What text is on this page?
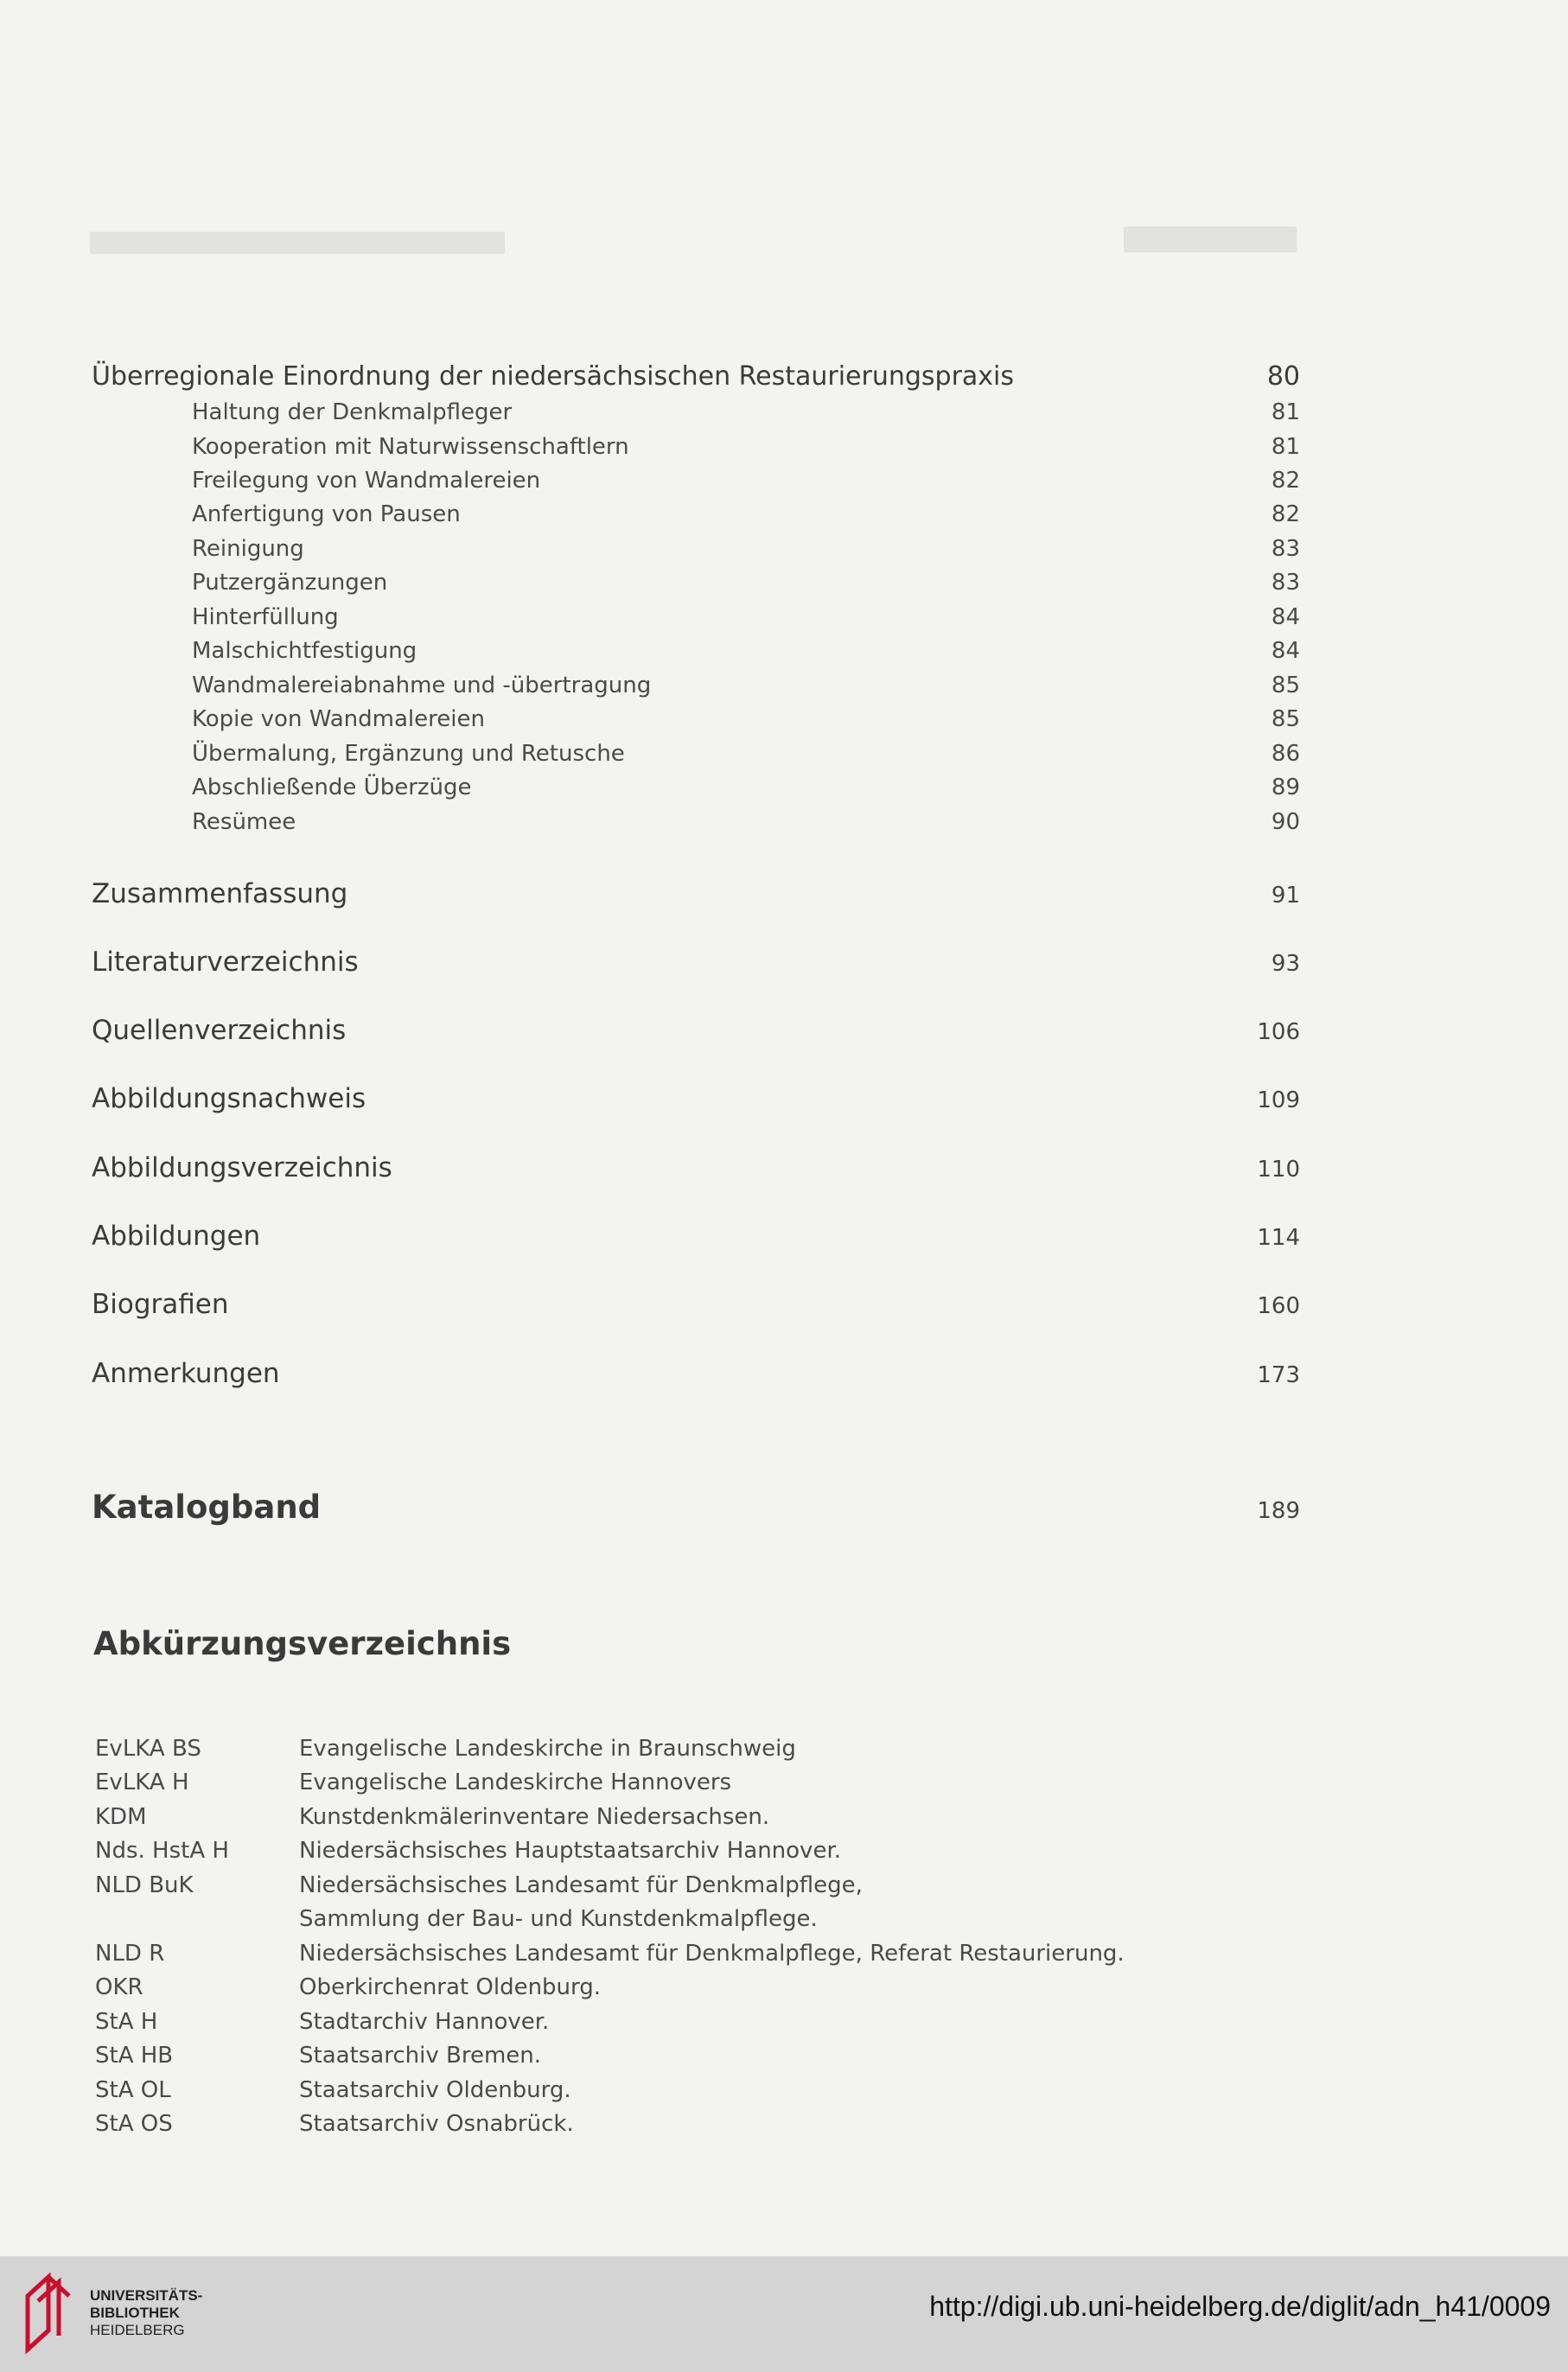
Überregionale Einordnung der niedersächsischen Restaurierungspraxis	80
Haltung der Denkmalpfleger	81
Kooperation mit Naturwissenschaftlern	81
Freilegung von Wandmalereien	82
Anfertigung von Pausen	82
Reinigung	83
Putzergänzungen	83
Hinterfüllung	84
Malschichtfestigung	84
Wandmalereiabnahme und -übertragung	85
Kopie von Wandmalereien	85
Übermalung, Ergänzung und Retusche	86
Abschließende Überzüge	89
Resümee	90
Zusammenfassung	91
Literaturverzeichnis	93
Quellenverzeichnis	106
Abbildungsnachweis	109
Abbildungsverzeichnis	110
Abbildungen	114
Biografien	160
Anmerkungen	173
Katalogband	189
Abkürzungsverzeichnis
EvLKA BS	Evangelische Landeskirche in Braunschweig
EvLKA H	Evangelische Landeskirche Hannovers
KDM	Kunstdenkmälerinventare Niedersachsen.
Nds. HstA H	Niedersächsisches Hauptstaatsarchiv Hannover.
NLD BuK	Niedersächsisches Landesamt für Denkmalpflege,
Sammlung der Bau- und Kunstdenkmalpflege.
NLD R	Niedersächsisches Landesamt für Denkmalpflege, Referat Restaurierung.
OKR	Oberkirchenrat Oldenburg.
StA H	Stadtarchiv Hannover.
StA HB	Staatsarchiv Bremen.
StA OL	Staatsarchiv Oldenburg.
StA OS	Staatsarchiv Osnabrück.
UNIVERSITÄTS-
BIBLIOTHEK
HEIDELBERG
http://digi.ub.uni-heidelberg.de/diglit/adn_h41/0009
